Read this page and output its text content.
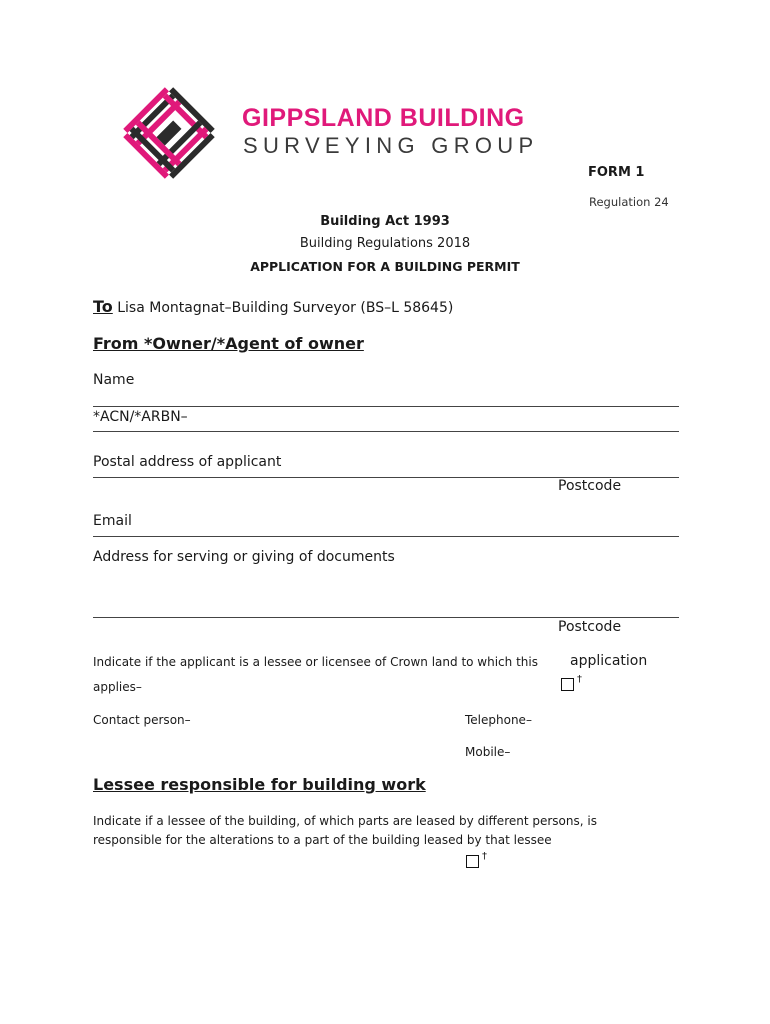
GIPPSLAND BUILDING
SURVEYING GROUP
FORM 1
Regulation 24
Building Act 1993
Building Regulations 2018
APPLICATION FOR A BUILDING PERMIT
To Lisa Montagnat–Building Surveyor (BS–L 58645)
From *Owner/*Agent of owner
Name
*ACN/*ARBN–
Postal address of applicant
Postcode
Email
Address for serving or giving of documents
Postcode
Indicate if the applicant is a lessee or licensee of Crown land to which this application
applies–
†
Contact person–	Telephone–
Mobile–
Lessee responsible for building work
Indicate if a lessee of the building, of which parts are leased by different persons, is
responsible for the alterations to a part of the building leased by that lessee
†
